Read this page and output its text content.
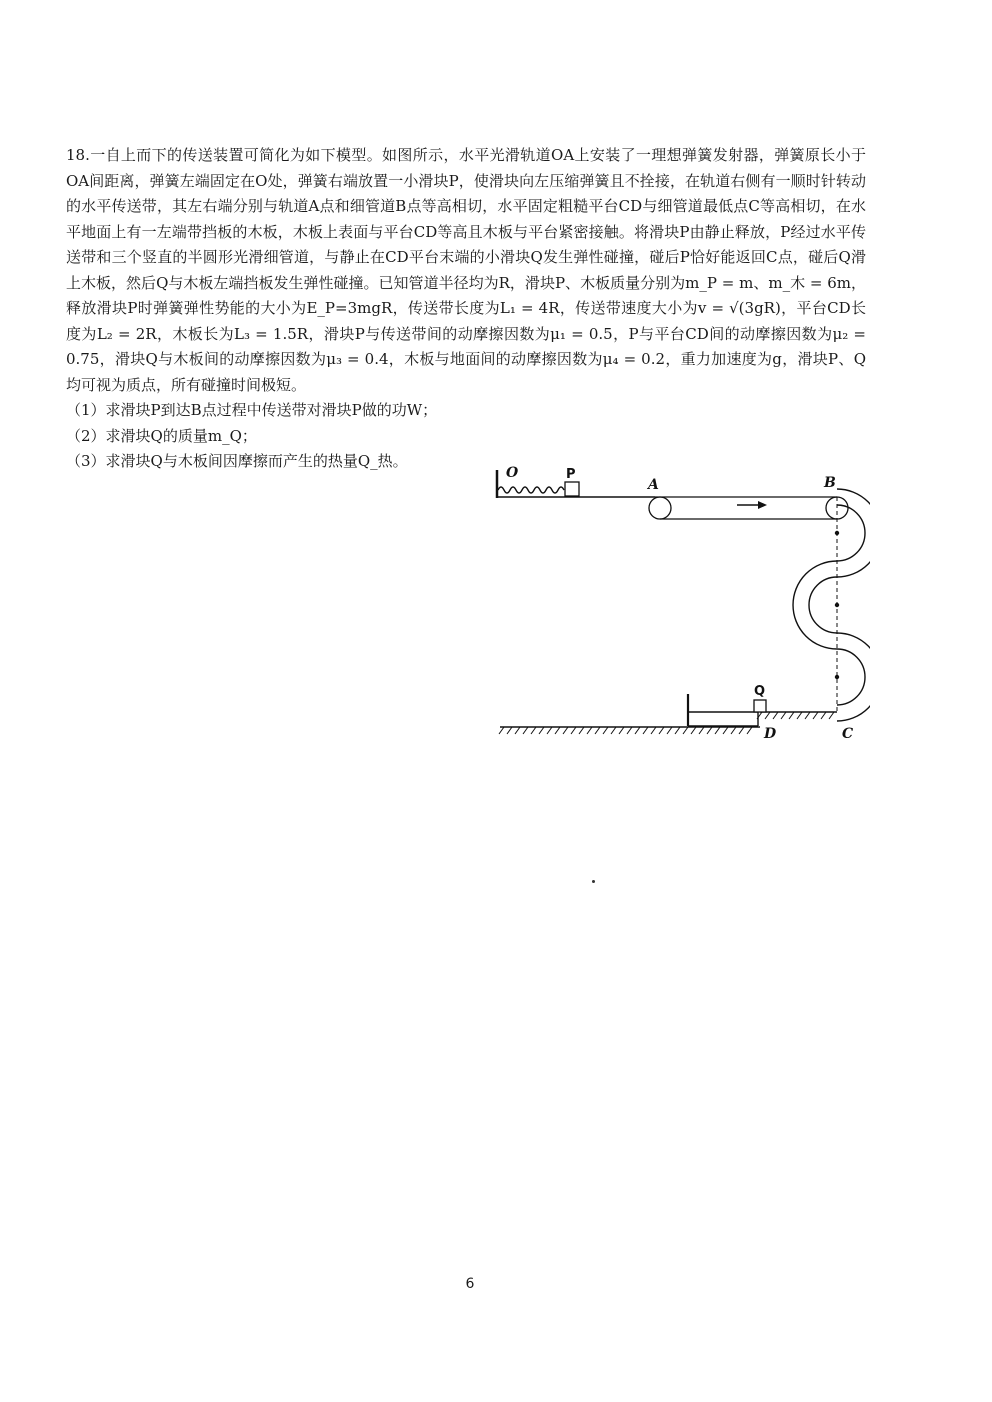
18.一自上而下的传送装置可简化为如下模型。如图所示，水平光滑轨道OA上安装了一理想弹簧发射器，弹簧原长小于OA间距离，弹簧左端固定在O处，弹簧右端放置一小滑块P，使滑块向左压缩弹簧且不拴接，在轨道右侧有一顺时针转动的水平传送带，其左右端分别与轨道A点和细管道B点等高相切，水平固定粗糙平台CD与细管道最低点C等高相切，在水平地面上有一左端带挡板的木板，木板上表面与平台CD等高且木板与平台紧密接触。将滑块P由静止释放，P经过水平传送带和三个竖直的半圆形光滑细管道，与静止在CD平台末端的小滑块Q发生弹性碰撞，碰后P恰好能返回C点，碰后Q滑上木板，然后Q与木板左端挡板发生弹性碰撞。已知管道半径均为R，滑块P、木板质量分别为m_P = m、m_木 = 6m，释放滑块P时弹簧弹性势能的大小为E_P=3mgR，传送带长度为L₁ = 4R，传送带速度大小为v = √(3gR)，平台CD长度为L₂ = 2R，木板长为L₃ = 1.5R，滑块P与传送带间的动摩擦因数为μ₁ = 0.5，P与平台CD间的动摩擦因数为μ₂ = 0.75，滑块Q与木板间的动摩擦因数为μ₃ = 0.4，木板与地面间的动摩擦因数为μ₄ = 0.2，重力加速度为g，滑块P、Q均可视为质点，所有碰撞时间极短。

（1）求滑块P到达B点过程中传送带对滑块P做的功W；

（2）求滑块Q的质量m_Q；

（3）求滑块Q与木板间因摩擦而产生的热量Q_热。

O	P
A	B
Q
D	C
6
